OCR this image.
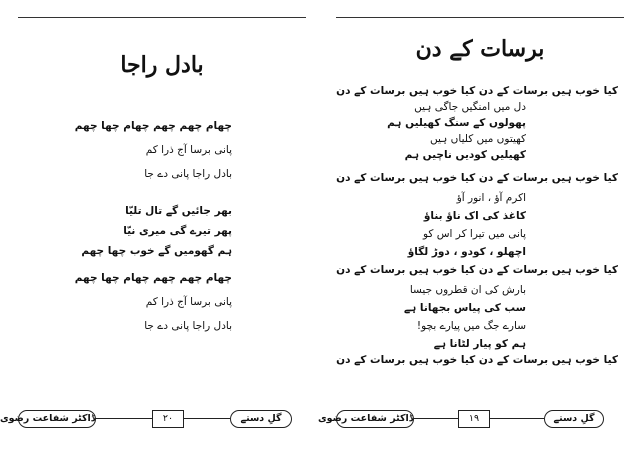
بادل راجا
چھام چھم چھم چھام چھا چھم
پانی برسا آج ذرا کم
بادل راجا پانی دے جا
بھر جائیں گے تال تلیّا
پھر تیرے گی میری نیّا
ہم گھومیں گے خوب چھا چھم
چھام چھم چھم چھام چھا چھم
پانی برسا آج ذرا کم
بادل راجا پانی دے جا
ڈاکٹر شفاعت رضوی	۲۰	گلِ دستے
برسات کے دن
کیا خوب ہیں برسات کے دن کیا خوب ہیں برسات کے دن
دل میں امنگیں جاگی ہیں
پھولوں کے سنگ کھیلیں ہم
کھیتوں میں کلیاں ہیں
کھیلیں کودیں ناچیں ہم
کیا خوب ہیں برسات کے دن کیا خوب ہیں برسات کے دن
اکرم آؤ ، انور آؤ
کاغذ کی اک ناؤ بناؤ
پانی میں تیرا کر اس کو
اچھلو ، کودو ، دوڑ لگاؤ
کیا خوب ہیں برسات کے دن کیا خوب ہیں برسات کے دن
بارش کی ان قطروں جیسا
سب کی پیاس بجھانا ہے
سارے جگ میں پیارے بچو!
ہم کو پیار لٹانا ہے
کیا خوب ہیں برسات کے دن کیا خوب ہیں برسات کے دن
ڈاکٹر شفاعت رضوی	۱۹	گلِ دستے
